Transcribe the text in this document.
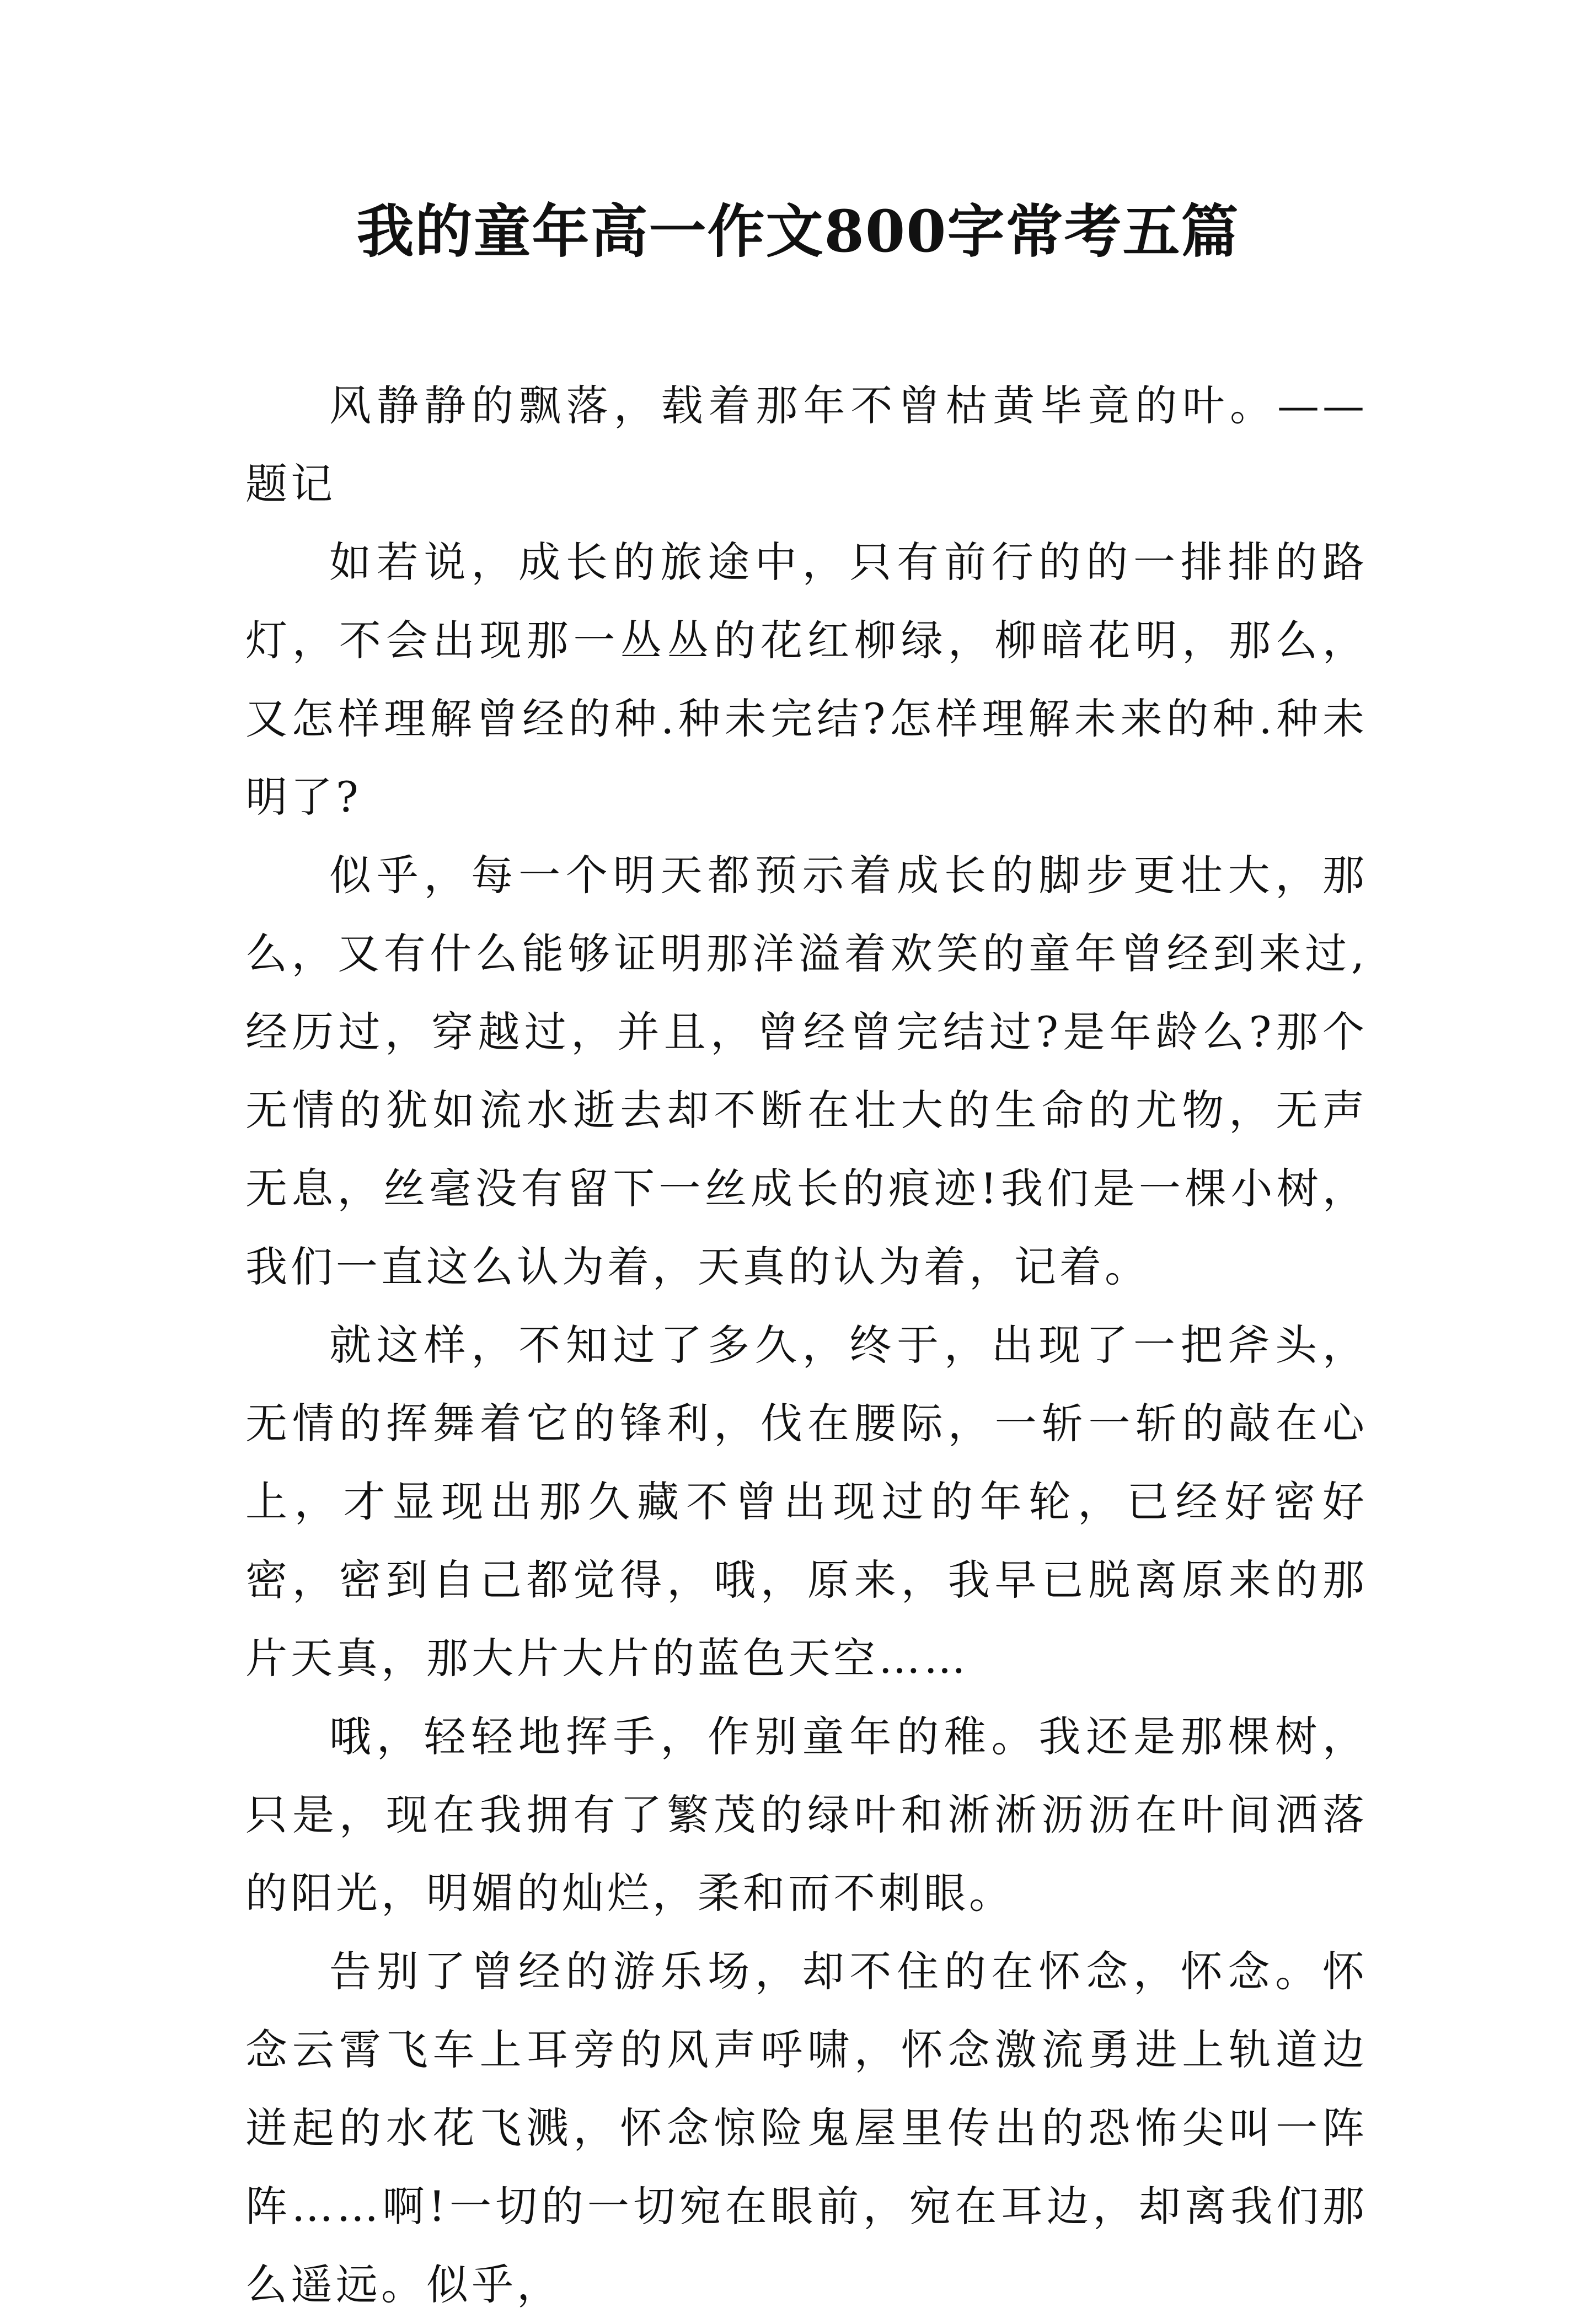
我的童年高一作文800字常考五篇

风静静的飘落，载着那年不曾枯黄毕竟的叶。——题记

如若说，成长的旅途中，只有前行的的一排排的路灯，不会出现那一丛丛的花红柳绿，柳暗花明，那么，又怎样理解曾经的种.种未完结?怎样理解未来的种.种未明了?

似乎，每一个明天都预示着成长的脚步更壮大，那么，又有什么能够证明那洋溢着欢笑的童年曾经到来过,经历过，穿越过，并且，曾经曾完结过?是年龄么?那个无情的犹如流水逝去却不断在壮大的生命的尤物，无声无息，丝毫没有留下一丝成长的痕迹!我们是一棵小树，我们一直这么认为着，天真的认为着，记着。

就这样，不知过了多久，终于，出现了一把斧头，无情的挥舞着它的锋利，伐在腰际，一斩一斩的敲在心上，才显现出那久藏不曾出现过的年轮，已经好密好密，密到自己都觉得，哦，原来，我早已脱离原来的那片天真，那大片大片的蓝色天空……

哦，轻轻地挥手，作别童年的稚。我还是那棵树，只是，现在我拥有了繁茂的绿叶和淅淅沥沥在叶间洒落的阳光，明媚的灿烂，柔和而不刺眼。

告别了曾经的游乐场，却不住的在怀念，怀念。怀念云霄飞车上耳旁的风声呼啸，怀念激流勇进上轨道边迸起的水花飞溅，怀念惊险鬼屋里传出的恐怖尖叫一阵阵……啊!一切的一切宛在眼前，宛在耳边，却离我们那么遥远。似乎，
